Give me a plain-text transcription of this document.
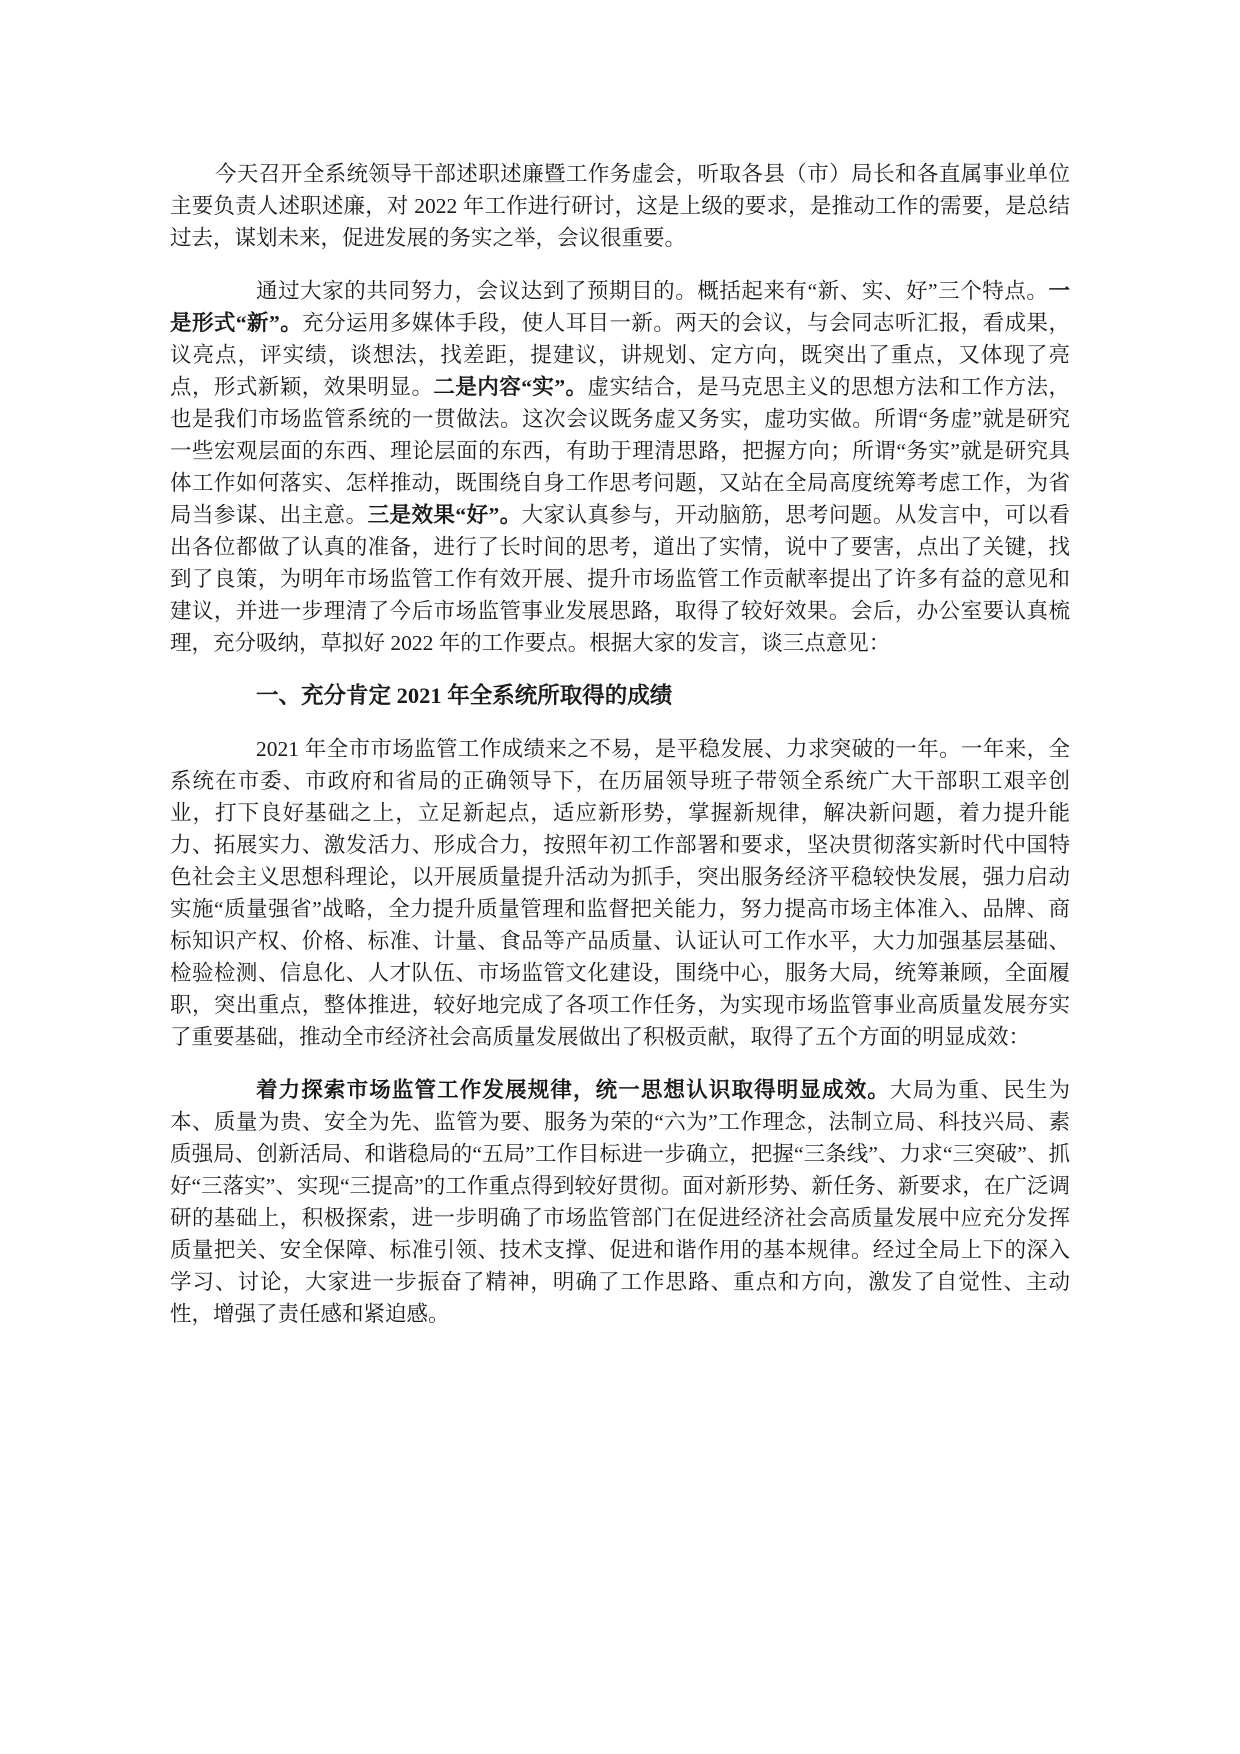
今天召开全系统领导干部述职述廉暨工作务虚会，听取各县（市）局长和各直属事业单位主要负责人述职述廉，对 2022 年工作进行研讨，这是上级的要求，是推动工作的需要，是总结过去，谋划未来，促进发展的务实之举，会议很重要。

通过大家的共同努力，会议达到了预期目的。概括起来有“新、实、好”三个特点。一是形式“新”。充分运用多媒体手段，使人耳目一新。两天的会议，与会同志听汇报，看成果，议亮点，评实绩，谈想法，找差距，提建议，讲规划、定方向，既突出了重点，又体现了亮点，形式新颖，效果明显。二是内容“实”。虚实结合，是马克思主义的思想方法和工作方法，也是我们市场监管系统的一贯做法。这次会议既务虚又务实，虚功实做。所谓“务虚”就是研究一些宏观层面的东西、理论层面的东西，有助于理清思路，把握方向；所谓“务实”就是研究具体工作如何落实、怎样推动，既围绕自身工作思考问题，又站在全局高度统筹考虑工作，为省局当参谋、出主意。三是效果“好”。大家认真参与，开动脑筋，思考问题。从发言中，可以看出各位都做了认真的准备，进行了长时间的思考，道出了实情，说中了要害，点出了关键，找到了良策，为明年市场监管工作有效开展、提升市场监管工作贡献率提出了许多有益的意见和建议，并进一步理清了今后市场监管事业发展思路，取得了较好效果。会后，办公室要认真梳理，充分吸纳，草拟好 2022 年的工作要点。根据大家的发言，谈三点意见：

一、充分肯定 2021 年全系统所取得的成绩

2021 年全市市场监管工作成绩来之不易，是平稳发展、力求突破的一年。一年来，全系统在市委、市政府和省局的正确领导下，在历届领导班子带领全系统广大干部职工艰辛创业，打下良好基础之上，立足新起点，适应新形势，掌握新规律，解决新问题，着力提升能力、拓展实力、激发活力、形成合力，按照年初工作部署和要求，坚决贯彻落实新时代中国特色社会主义思想科理论，以开展质量提升活动为抓手，突出服务经济平稳较快发展，强力启动实施“质量强省”战略，全力提升质量管理和监督把关能力，努力提高市场主体准入、品牌、商标知识产权、价格、标准、计量、食品等产品质量、认证认可工作水平，大力加强基层基础、检验检测、信息化、人才队伍、市场监管文化建设，围绕中心，服务大局，统筹兼顾，全面履职，突出重点，整体推进，较好地完成了各项工作任务，为实现市场监管事业高质量发展夯实了重要基础，推动全市经济社会高质量发展做出了积极贡献，取得了五个方面的明显成效：

着力探索市场监管工作发展规律，统一思想认识取得明显成效。大局为重、民生为本、质量为贵、安全为先、监管为要、服务为荣的“六为”工作理念，法制立局、科技兴局、素质强局、创新活局、和谐稳局的“五局”工作目标进一步确立，把握“三条线”、力求“三突破”、抓好“三落实”、实现“三提高”的工作重点得到较好贯彻。面对新形势、新任务、新要求，在广泛调研的基础上，积极探索，进一步明确了市场监管部门在促进经济社会高质量发展中应充分发挥质量把关、安全保障、标准引领、技术支撑、促进和谐作用的基本规律。经过全局上下的深入学习、讨论，大家进一步振奋了精神，明确了工作思路、重点和方向，激发了自觉性、主动性，增强了责任感和紧迫感。
